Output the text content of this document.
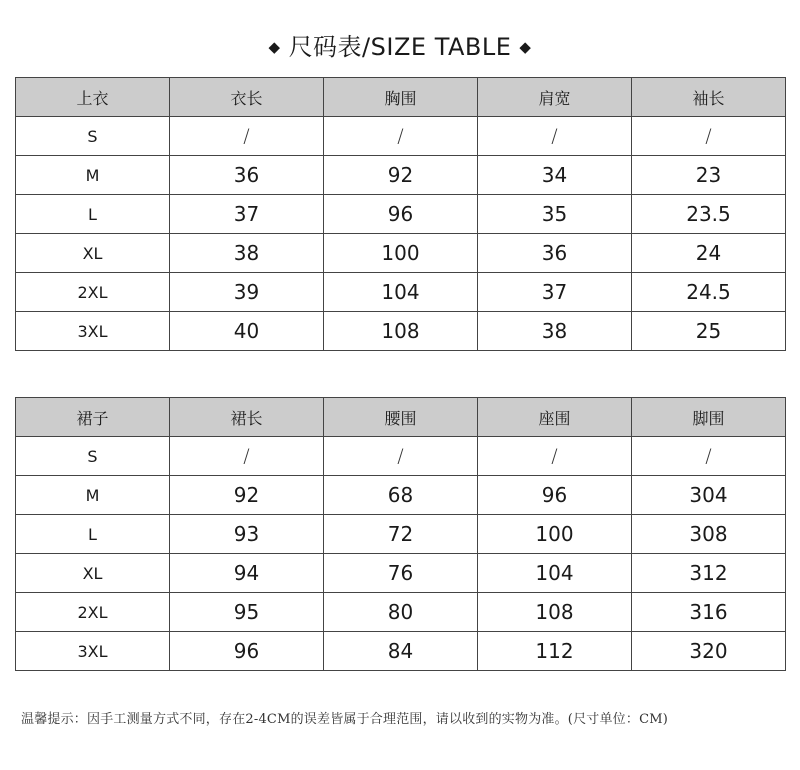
◆ 尺码表/SIZE TABLE ◆
上衣	衣长	胸围	肩宽	袖长
S	/	/	/	/
M	36	92	34	23
L	37	96	35	23.5
XL	38	100	36	24
2XL	39	104	37	24.5
3XL	40	108	38	25
裙子	裙长	腰围	座围	脚围
S	/	/	/	/
M	92	68	96	304
L	93	72	100	308
XL	94	76	104	312
2XL	95	80	108	316
3XL	96	84	112	320
温馨提示：因手工测量方式不同，存在2-4CM的误差皆属于合理范围，请以收到的实物为准。(尺寸单位：CM)
